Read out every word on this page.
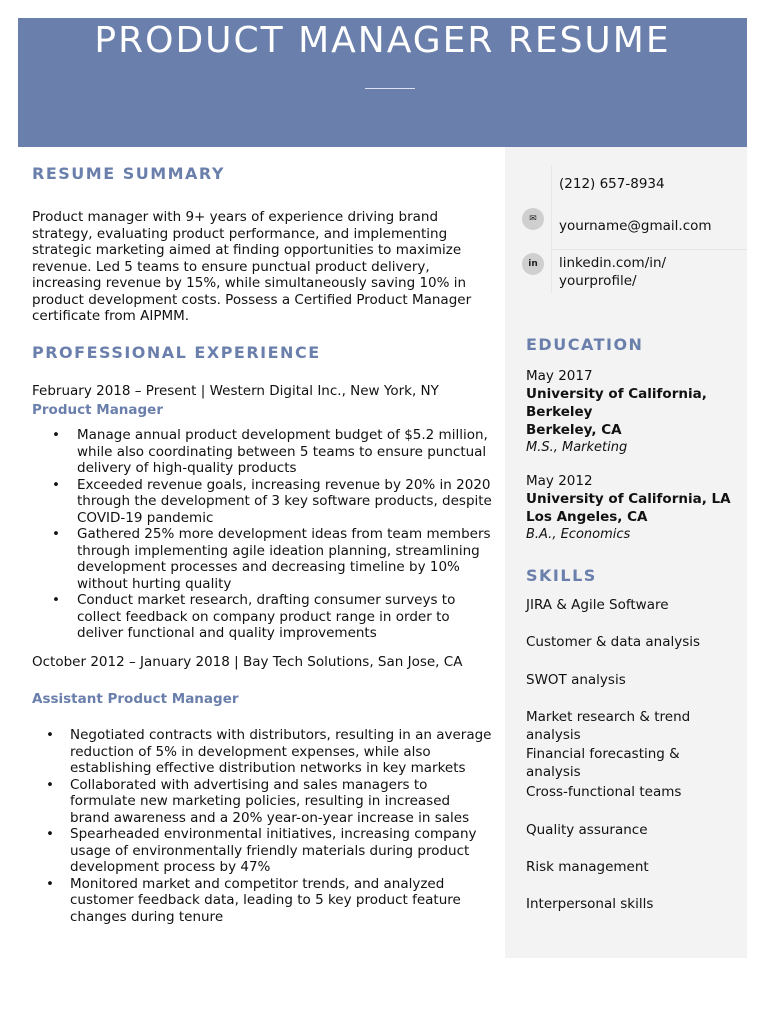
PRODUCT MANAGER RESUME
RESUME SUMMARY
Product manager with 9+ years of experience driving brand strategy, evaluating product performance, and implementing strategic marketing aimed at finding opportunities to maximize revenue. Led 5 teams to ensure punctual product delivery, increasing revenue by 15%, while simultaneously saving 10% in product development costs. Possess a Certified Product Manager certificate from AIPMM.
PROFESSIONAL EXPERIENCE
February 2018 – Present | Western Digital Inc., New York, NY
Product Manager
• Manage annual product development budget of $5.2 million, while also coordinating between 5 teams to ensure punctual delivery of high-quality products
• Exceeded revenue goals, increasing revenue by 20% in 2020 through the development of 3 key software products, despite COVID-19 pandemic
• Gathered 25% more development ideas from team members through implementing agile ideation planning, streamlining development processes and decreasing timeline by 10% without hurting quality
• Conduct market research, drafting consumer surveys to collect feedback on company product range in order to deliver functional and quality improvements
October 2012 – January 2018 | Bay Tech Solutions, San Jose, CA
Assistant Product Manager
• Negotiated contracts with distributors, resulting in an average reduction of 5% in development expenses, while also establishing effective distribution networks in key markets
• Collaborated with advertising and sales managers to formulate new marketing policies, resulting in increased brand awareness and a 20% year-on-year increase in sales
• Spearheaded environmental initiatives, increasing company usage of environmentally friendly materials during product development process by 47%
• Monitored market and competitor trends, and analyzed customer feedback data, leading to 5 key product feature changes during tenure
(212) 657-8934
✉	yourname@gmail.com
in	linkedin.com/in/
yourprofile/
EDUCATION
May 2017
University of California,
Berkeley
Berkeley, CA
M.S., Marketing
May 2012
University of California, LA
Los Angeles, CA
B.A., Economics
SKILLS
JIRA & Agile Software
Customer & data analysis
SWOT analysis
Market research & trend analysis
Financial forecasting & analysis
Cross-functional teams
Quality assurance
Risk management
Interpersonal skills
